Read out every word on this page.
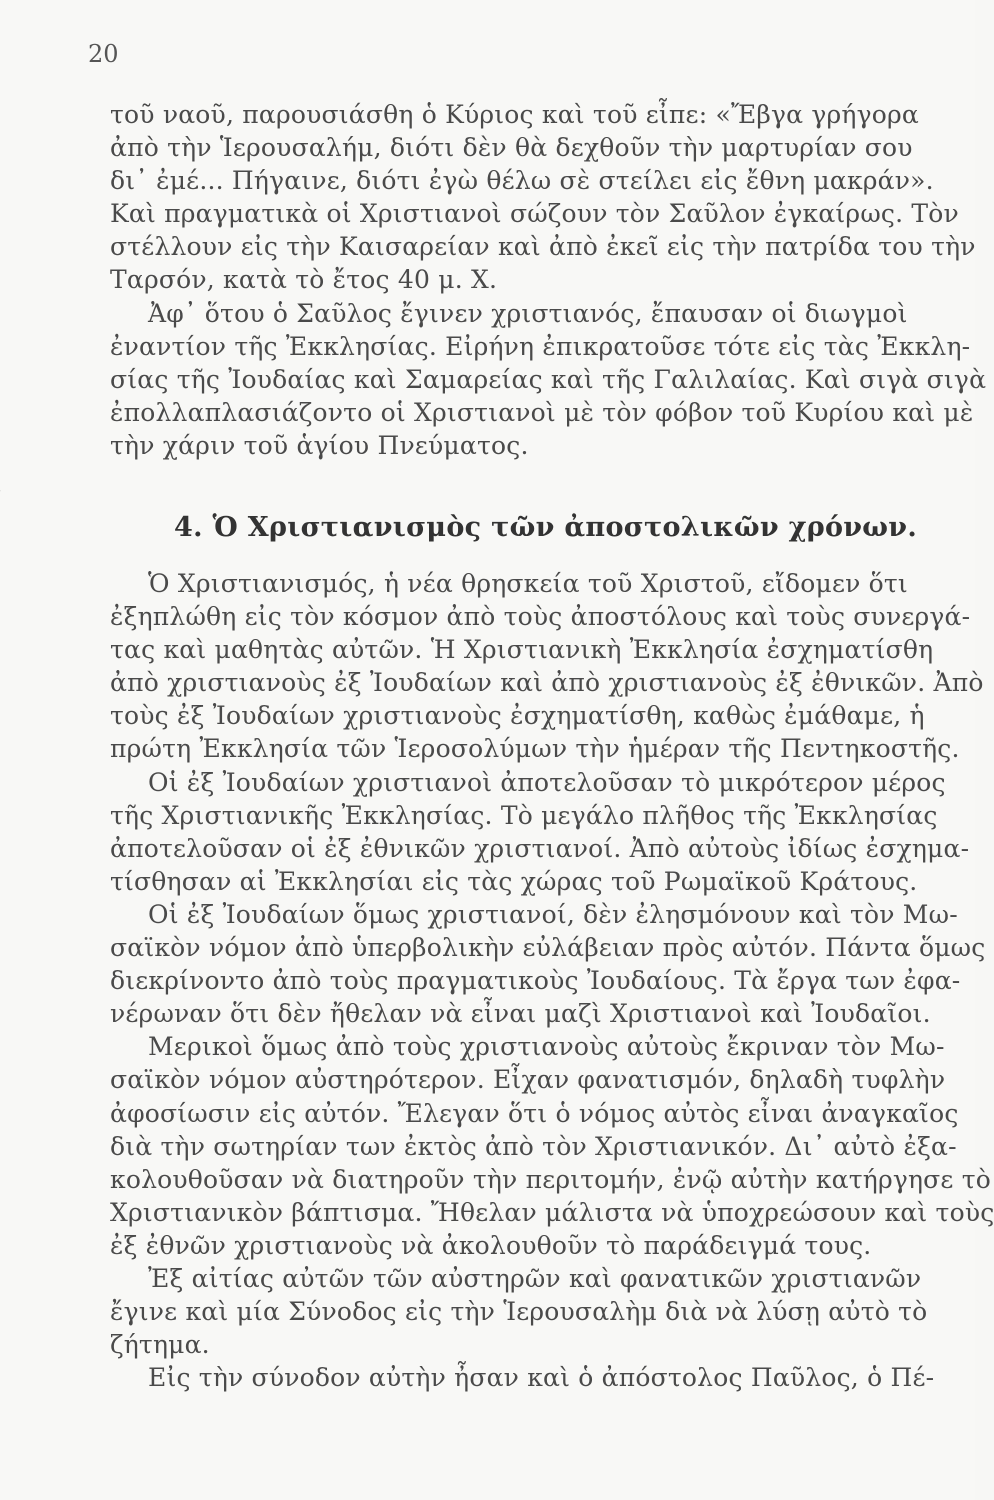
20
τοῦ ναοῦ, παρουσιάσθη ὁ Κύριος καὶ τοῦ εἶπε: «Ἔβγα γρήγορα
ἀπὸ τὴν Ἱερουσαλήμ, διότι δὲν θὰ δεχθοῦν τὴν μαρτυρίαν σου
δι᾿ ἐμέ... Πήγαινε, διότι ἐγὼ θέλω σὲ στείλει εἰς ἔθνη μακράν».
Καὶ πραγματικὰ οἱ Χριστιανοὶ σώζουν τὸν Σαῦλον ἐγκαίρως. Τὸν
στέλλουν εἰς τὴν Καισαρείαν καὶ ἀπὸ ἐκεῖ εἰς τὴν πατρίδα του τὴν
Ταρσόν, κατὰ τὸ ἔτος 40 μ. Χ.
Ἀφ᾿ ὅτου ὁ Σαῦλος ἔγινεν χριστιανός, ἔπαυσαν οἱ διωγμοὶ
ἐναντίον τῆς Ἐκκλησίας. Εἰρήνη ἐπικρατοῦσε τότε εἰς τὰς Ἐκκλη-
σίας τῆς Ἰουδαίας καὶ Σαμαρείας καὶ τῆς Γαλιλαίας. Καὶ σιγὰ σιγὰ
ἐπολλαπλασιάζοντο οἱ Χριστιανοὶ μὲ τὸν φόβον τοῦ Κυρίου καὶ μὲ
τὴν χάριν τοῦ ἁγίου Πνεύματος.
4. Ὁ Χριστιανισμὸς τῶν ἀποστολικῶν χρόνων.
Ὁ Χριστιανισμός, ἡ νέα θρησκεία τοῦ Χριστοῦ, εἴδομεν ὅτι
ἐξηπλώθη εἰς τὸν κόσμον ἀπὸ τοὺς ἀποστόλους καὶ τοὺς συνεργά-
τας καὶ μαθητὰς αὐτῶν. Ἡ Χριστιανικὴ Ἐκκλησία ἐσχηματίσθη
ἀπὸ χριστιανοὺς ἐξ Ἰουδαίων καὶ ἀπὸ χριστιανοὺς ἐξ ἐθνικῶν. Ἀπὸ
τοὺς ἐξ Ἰουδαίων χριστιανοὺς ἐσχηματίσθη, καθὼς ἐμάθαμε, ἡ
πρώτη Ἐκκλησία τῶν Ἱεροσολύμων τὴν ἡμέραν τῆς Πεντηκοστῆς.
Οἱ ἐξ Ἰουδαίων χριστιανοὶ ἀποτελοῦσαν τὸ μικρότερον μέρος
τῆς Χριστιανικῆς Ἐκκλησίας. Τὸ μεγάλο πλῆθος τῆς Ἐκκλησίας
ἀποτελοῦσαν οἱ ἐξ ἐθνικῶν χριστιανοί. Ἀπὸ αὐτοὺς ἰδίως ἐσχημα-
τίσθησαν αἱ Ἐκκλησίαι εἰς τὰς χώρας τοῦ Ρωμαϊκοῦ Κράτους.
Οἱ ἐξ Ἰουδαίων ὅμως χριστιανοί, δὲν ἐλησμόνουν καὶ τὸν Μω-
σαϊκὸν νόμον ἀπὸ ὑπερβολικὴν εὐλάβειαν πρὸς αὐτόν. Πάντα ὅμως
διεκρίνοντο ἀπὸ τοὺς πραγματικοὺς Ἰουδαίους. Τὰ ἔργα των ἐφα-
νέρωναν ὅτι δὲν ἤθελαν νὰ εἶναι μαζὶ Χριστιανοὶ καὶ Ἰουδαῖοι.
Μερικοὶ ὅμως ἀπὸ τοὺς χριστιανοὺς αὐτοὺς ἔκριναν τὸν Μω-
σαϊκὸν νόμον αὐστηρότερον. Εἶχαν φανατισμόν, δηλαδὴ τυφλὴν
ἀφοσίωσιν εἰς αὐτόν. Ἔλεγαν ὅτι ὁ νόμος αὐτὸς εἶναι ἀναγκαῖος
διὰ τὴν σωτηρίαν των ἐκτὸς ἀπὸ τὸν Χριστιανικόν. Δι᾿ αὐτὸ ἐξα-
κολουθοῦσαν νὰ διατηροῦν τὴν περιτομήν, ἐνῷ αὐτὴν κατήργησε τὸ
Χριστιανικὸν βάπτισμα. Ἤθελαν μάλιστα νὰ ὑποχρεώσουν καὶ τοὺς
ἐξ ἐθνῶν χριστιανοὺς νὰ ἀκολουθοῦν τὸ παράδειγμά τους.
Ἐξ αἰτίας αὐτῶν τῶν αὐστηρῶν καὶ φανατικῶν χριστιανῶν
ἔγινε καὶ μία Σύνοδος εἰς τὴν Ἱερουσαλὴμ διὰ νὰ λύσῃ αὐτὸ τὸ
ζήτημα.
Εἰς τὴν σύνοδον αὐτὴν ἦσαν καὶ ὁ ἀπόστολος Παῦλος, ὁ Πέ-
